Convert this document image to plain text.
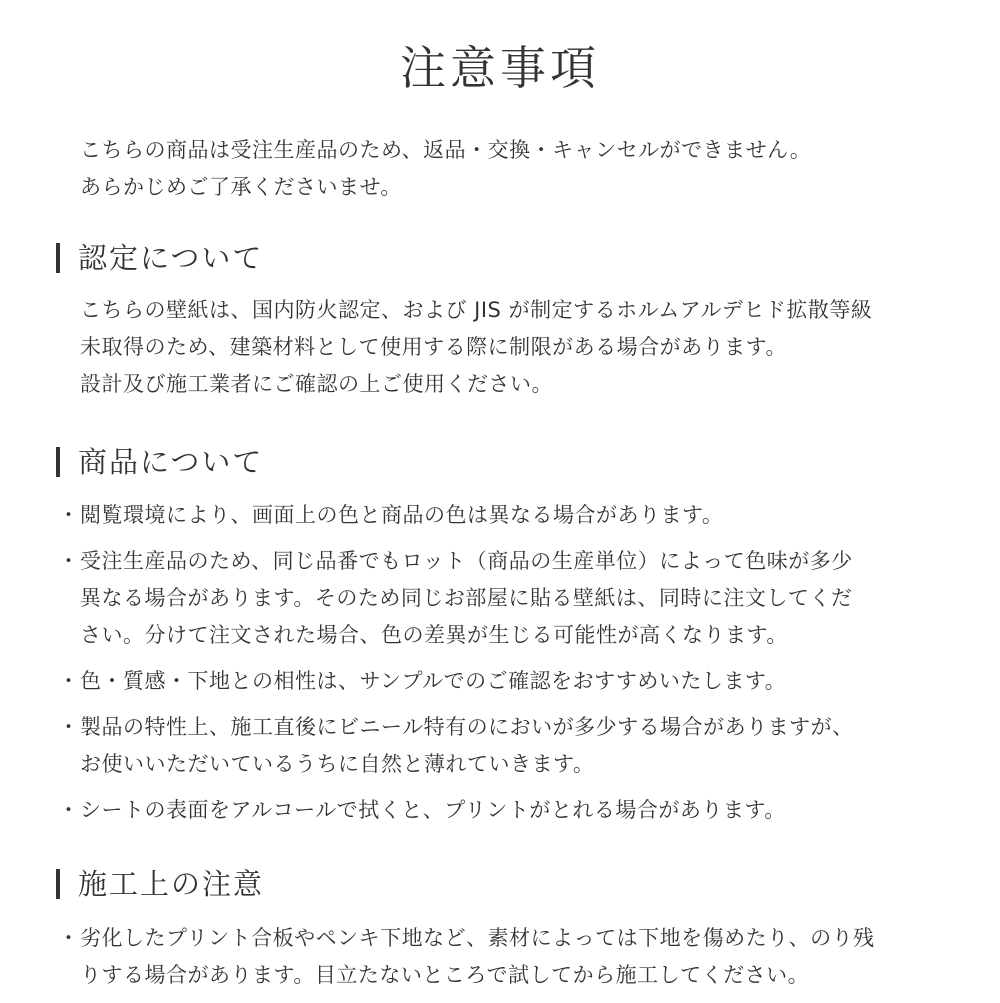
注意事項

こちらの商品は受注生産品のため、返品・交換・キャンセルができません。

あらかじめご了承くださいませ。

認定について

こちらの壁紙は、国内防火認定、および JIS が制定するホルムアルデヒド拡散等級

未取得のため、建築材料として使用する際に制限がある場合があります。

設計及び施工業者にご確認の上ご使用ください。

商品について
・ 閲覧環境により、画面上の色と商品の色は異なる場合があります。
・ 受注生産品のため、同じ品番でもロット（商品の生産単位）によって色味が多少
異なる場合があります。そのため同じお部屋に貼る壁紙は、同時に注文してくだ
さい。分けて注文された場合、色の差異が生じる可能性が高くなります。
・ 色・質感・下地との相性は、サンプルでのご確認をおすすめいたします。
・ 製品の特性上、施工直後にビニール特有のにおいが多少する場合がありますが、
お使いいただいているうちに自然と薄れていきます。
・ シートの表面をアルコールで拭くと、プリントがとれる場合があります。
施工上の注意
・ 劣化したプリント合板やペンキ下地など、素材によっては下地を傷めたり、のり残
りする場合があります。目立たないところで試してから施工してください。
